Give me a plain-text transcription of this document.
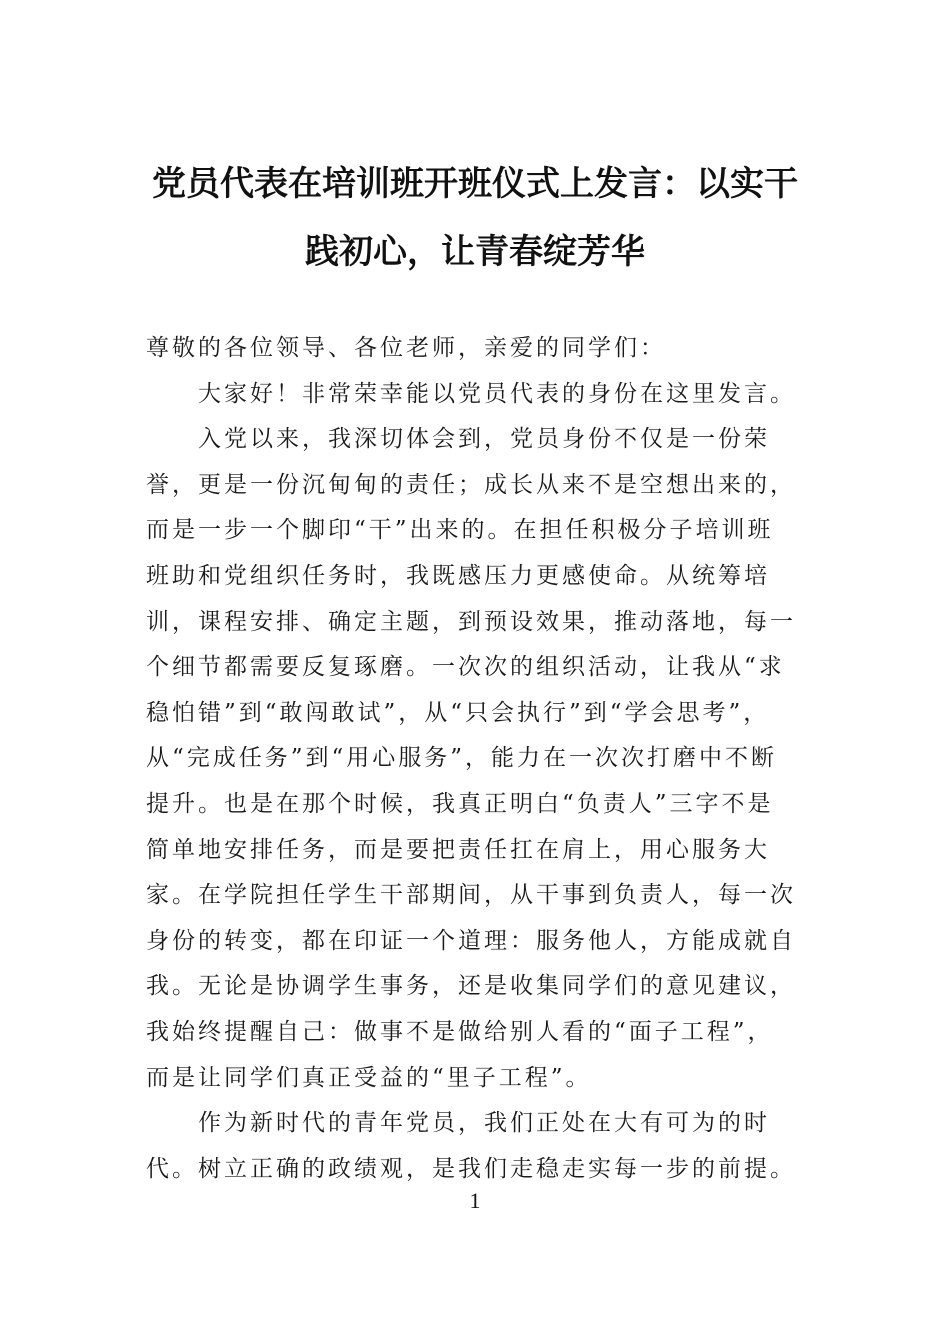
党员代表在培训班开班仪式上发言：以实干践初心，让青春绽芳华

尊敬的各位领导、各位老师，亲爱的同学们：

大家好！非常荣幸能以党员代表的身份在这里发言。

入党以来，我深切体会到，党员身份不仅是一份荣誉，更是一份沉甸甸的责任；成长从来不是空想出来的，而是一步一个脚印“干”出来的。在担任积极分子培训班班助和党组织任务时，我既感压力更感使命。从统筹培训，课程安排、确定主题，到预设效果，推动落地，每一个细节都需要反复琢磨。一次次的组织活动，让我从“求稳怕错”到“敢闯敢试”，从“只会执行”到“学会思考”，从“完成任务”到“用心服务”，能力在一次次打磨中不断提升。也是在那个时候，我真正明白“负责人”三字不是简单地安排任务，而是要把责任扛在肩上，用心服务大家。在学院担任学生干部期间，从干事到负责人，每一次身份的转变，都在印证一个道理：服务他人，方能成就自我。无论是协调学生事务，还是收集同学们的意见建议，我始终提醒自己：做事不是做给别人看的“面子工程”，而是让同学们真正受益的“里子工程”。

作为新时代的青年党员，我们正处在大有可为的时代。树立正确的政绩观，是我们走稳走实每一步的前提。

1
